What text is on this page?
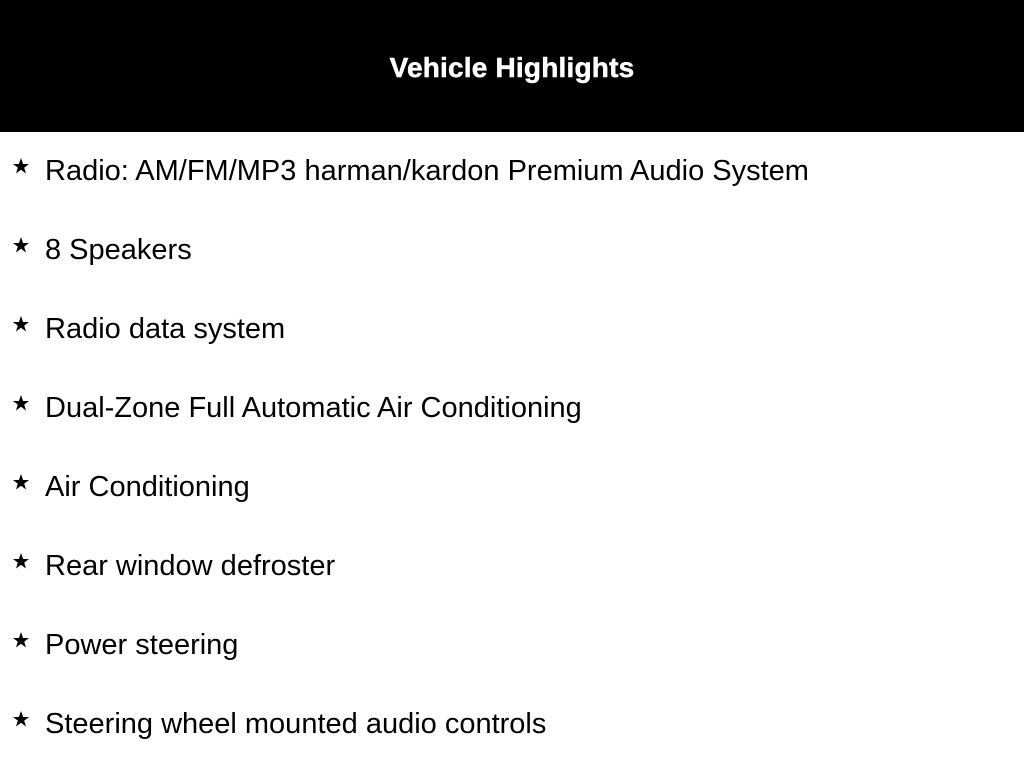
Vehicle Highlights
Radio: AM/FM/MP3 harman/kardon Premium Audio System
8 Speakers
Radio data system
Dual-Zone Full Automatic Air Conditioning
Air Conditioning
Rear window defroster
Power steering
Steering wheel mounted audio controls
